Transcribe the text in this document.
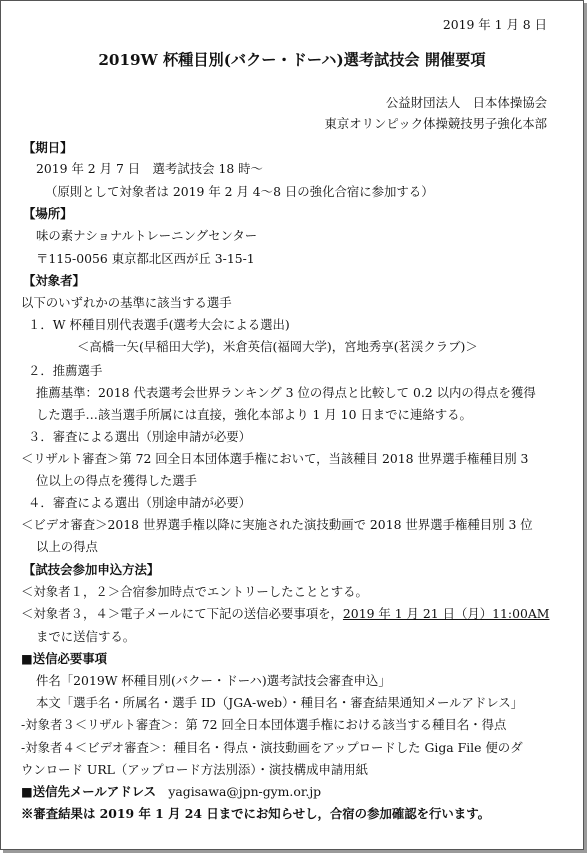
2019 年 1 月 8 日
2019W 杯種目別(バクー・ドーハ)選考試技会 開催要項
公益財団法人　日本体操協会
東京オリンピック体操競技男子強化本部
【期日】
2019 年 2 月 7 日　選考試技会 18 時～
（原則として対象者は 2019 年 2 月 4～8 日の強化合宿に参加する）
【場所】
味の素ナショナルトレーニングセンター
〒115-0056 東京都北区西が丘 3-15-1
【対象者】
以下のいずれかの基準に該当する選手
１．W 杯種目別代表選手(選考大会による選出)
＜高橋一矢(早稲田大学)，米倉英信(福岡大学)，宮地秀享(茗渓クラブ)＞
２．推薦選手
推薦基準：2018 代表選考会世界ランキング 3 位の得点と比較して 0.2 以内の得点を獲得
した選手…該当選手所属には直接，強化本部より 1 月 10 日までに連絡する。
３．審査による選出（別途申請が必要）
＜リザルト審査＞第 72 回全日本団体選手権において，当該種目 2018 世界選手権種目別 3
位以上の得点を獲得した選手
４．審査による選出（別途申請が必要）
＜ビデオ審査＞2018 世界選手権以降に実施された演技動画で 2018 世界選手権種目別 3 位
以上の得点
【試技会参加申込方法】
＜対象者１，２＞合宿参加時点でエントリーしたこととする。
＜対象者３，４＞電子メールにて下記の送信必要事項を，2019 年 1 月 21 日（月）11:00AM
までに送信する。
■送信必要事項
件名「2019W 杯種目別(バクー・ドーハ)選考試技会審査申込」
本文「選手名・所属名・選手 ID（JGA-web）・種目名・審査結果通知メールアドレス」
-対象者３＜リザルト審査＞：第 72 回全日本団体選手権における該当する種目名・得点
-対象者４＜ビデオ審査＞：種目名・得点・演技動画をアップロードした Giga File 便のダ
ウンロード URL（アップロード方法別添）・演技構成申請用紙
■送信先メールアドレス　 yagisawa@jpn-gym.or.jp
※審査結果は 2019 年 1 月 24 日までにお知らせし，合宿の参加確認を行います。
